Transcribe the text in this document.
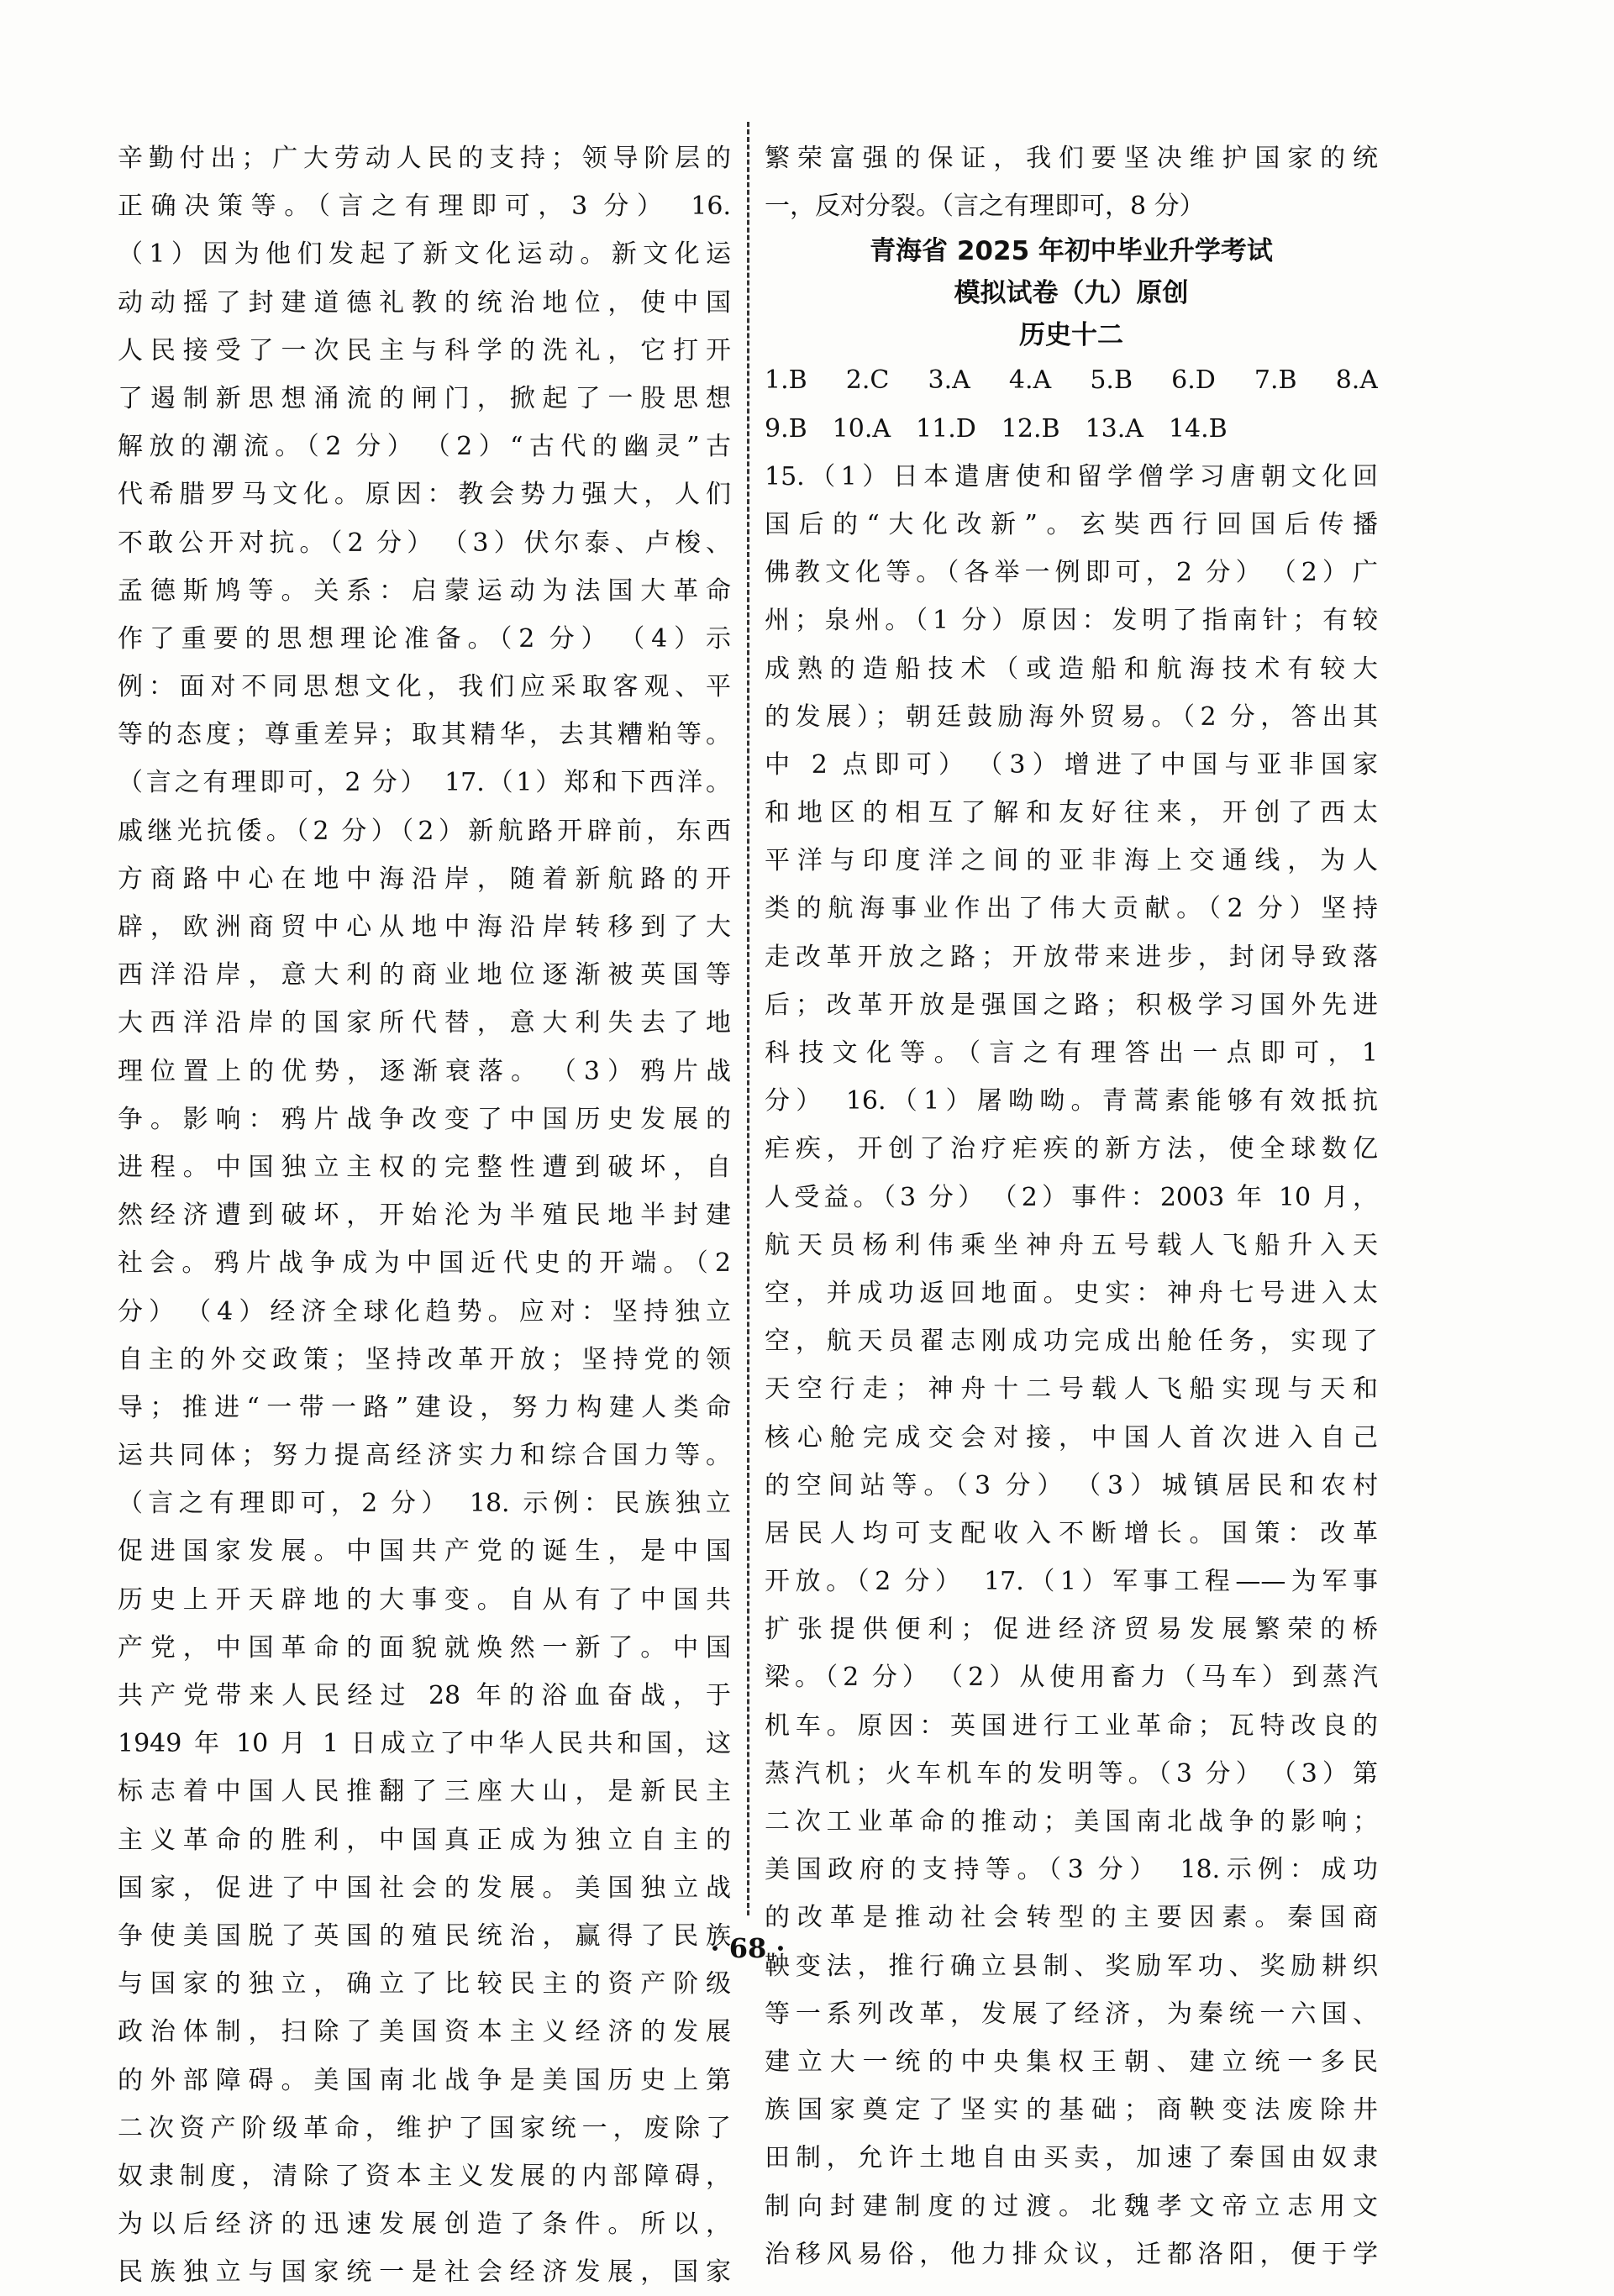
辛勤付出；广大劳动人民的支持；领导阶层的
正确决策等。（言之有理即可，3 分）　16.
（1）因为他们发起了新文化运动。新文化运
动动摇了封建道德礼教的统治地位，使中国
人民接受了一次民主与科学的洗礼，它打开
了遏制新思想涌流的闸门，掀起了一股思想
解放的潮流。（2 分）　（2）“古代的幽灵”古
代希腊罗马文化。原因：教会势力强大，人们
不敢公开对抗。（2 分）　（3）伏尔泰、卢梭、
孟德斯鸠等。关系：启蒙运动为法国大革命
作了重要的思想理论准备。（2 分）　（4）示
例：面对不同思想文化，我们应采取客观、平
等的态度；尊重差异；取其精华，去其糟粕等。
（言之有理即可，2 分）　17.（1）郑和下西洋。
戚继光抗倭。（2 分）（2）新航路开辟前，东西
方商路中心在地中海沿岸，随着新航路的开
辟，欧洲商贸中心从地中海沿岸转移到了大
西洋沿岸，意大利的商业地位逐渐被英国等
大西洋沿岸的国家所代替，意大利失去了地
理位置上的优势，逐渐衰落。　（3）鸦片战
争。影响：鸦片战争改变了中国历史发展的
进程。中国独立主权的完整性遭到破坏，自
然经济遭到破坏，开始沦为半殖民地半封建
社会。鸦片战争成为中国近代史的开端。（2
分）　（4）经济全球化趋势。应对：坚持独立
自主的外交政策；坚持改革开放；坚持党的领
导；推进“一带一路”建设，努力构建人类命
运共同体；努力提高经济实力和综合国力等。
（言之有理即可，2 分）　18. 示例：民族独立
促进国家发展。中国共产党的诞生，是中国
历史上开天辟地的大事变。自从有了中国共
产党，中国革命的面貌就焕然一新了。中国
共产党带来人民经过 28 年的浴血奋战，于
1949 年 10 月 1 日成立了中华人民共和国，这
标志着中国人民推翻了三座大山，是新民主
主义革命的胜利，中国真正成为独立自主的
国家，促进了中国社会的发展。美国独立战
争使美国脱了英国的殖民统治，赢得了民族
与国家的独立，确立了比较民主的资产阶级
政治体制，扫除了美国资本主义经济的发展
的外部障碍。美国南北战争是美国历史上第
二次资产阶级革命，维护了国家统一，废除了
奴隶制度，清除了资本主义发展的内部障碍，
为以后经济的迅速发展创造了条件。所以，
民族独立与国家统一是社会经济发展，国家
繁荣富强的保证，我们要坚决维护国家的统
一，反对分裂。（言之有理即可，8 分）
青海省 2025 年初中毕业升学考试
模拟试卷（九）原创
历史十二
1.B　2.C　3.A　4.A　5.B　6.D　7.B　8.A
9.B　10.A　11.D　12.B　13.A　14.B
15.（1）日本遣唐使和留学僧学习唐朝文化回
国后的“大化改新”。玄奘西行回国后传播
佛教文化等。（各举一例即可，2 分）　（2）广
州；泉州。（1 分）原因：发明了指南针；有较
成熟的造船技术（或造船和航海技术有较大
的发展）；朝廷鼓励海外贸易。（2 分，答出其
中 2 点即可）　（3）增进了中国与亚非国家
和地区的相互了解和友好往来，开创了西太
平洋与印度洋之间的亚非海上交通线，为人
类的航海事业作出了伟大贡献。（2 分）坚持
走改革开放之路；开放带来进步，封闭导致落
后；改革开放是强国之路；积极学习国外先进
科技文化等。（言之有理答出一点即可，1
分）　16.（1）屠呦呦。青蒿素能够有效抵抗
疟疾，开创了治疗疟疾的新方法，使全球数亿
人受益。（3 分）　（2）事件：2003 年 10 月，
航天员杨利伟乘坐神舟五号载人飞船升入天
空，并成功返回地面。史实：神舟七号进入太
空，航天员翟志刚成功完成出舱任务，实现了
天空行走；神舟十二号载人飞船实现与天和
核心舱完成交会对接，中国人首次进入自己
的空间站等。（3 分）　（3）城镇居民和农村
居民人均可支配收入不断增长。国策：改革
开放。（2 分）　17.（1）军事工程——为军事
扩张提供便利；促进经济贸易发展繁荣的桥
梁。（2 分）　（2）从使用畜力（马车）到蒸汽
机车。原因：英国进行工业革命；瓦特改良的
蒸汽机；火车机车的发明等。（3 分）　（3）第
二次工业革命的推动；美国南北战争的影响；
美国政府的支持等。（3 分）　18.示例：成功
的改革是推动社会转型的主要因素。秦国商
鞅变法，推行确立县制、奖励军功、奖励耕织
等一系列改革，发展了经济，为秦统一六国、
建立大一统的中央集权王朝、建立统一多民
族国家奠定了坚实的基础；商鞅变法废除井
田制，允许土地自由买卖，加速了秦国由奴隶
制向封建制度的过渡。北魏孝文帝立志用文
治移风易俗，他力排众议，迁都洛阳，便于学
· 68 ·
